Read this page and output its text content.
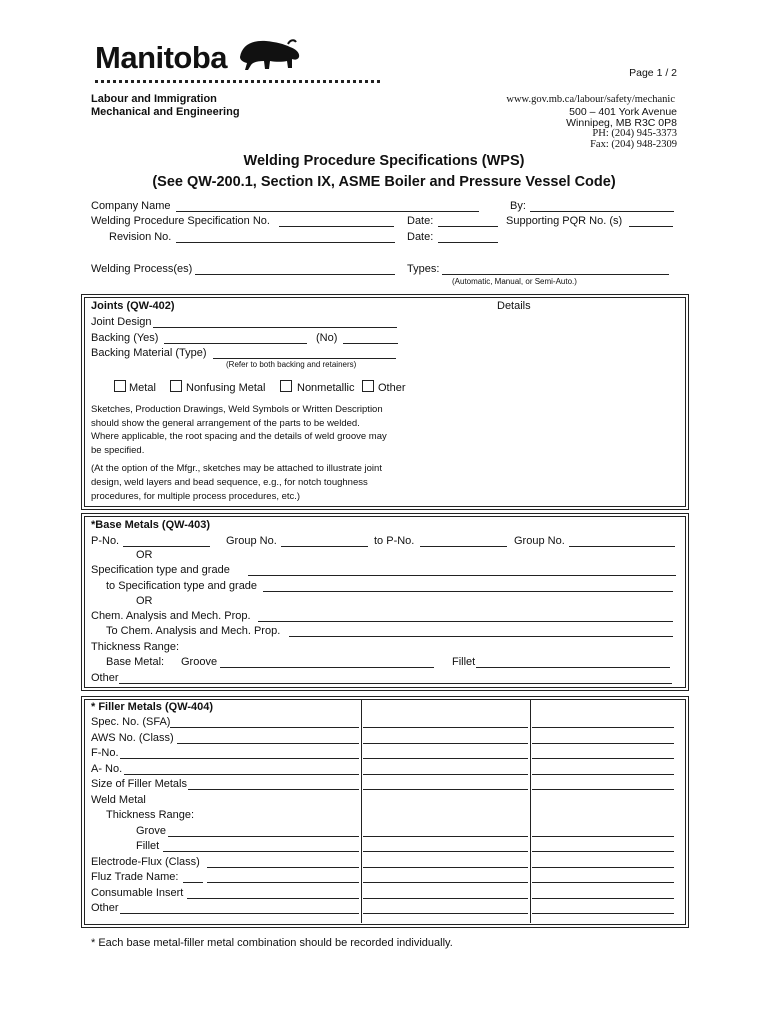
Manitoba
Labour and Immigration
Mechanical and Engineering
Page 1 / 2
www.gov.mb.ca/labour/safety/mechanic
500 – 401 York Avenue
Winnipeg, MB R3C 0P8
PH: (204) 945-3373
Fax: (204) 948-2309
Welding Procedure Specifications (WPS)
(See QW-200.1, Section IX, ASME Boiler and Pressure Vessel Code)
Company Name	By:
Welding Procedure Specification No.	Date:	Supporting PQR No. (s)
Revision No.	Date:
Welding Process(es)	Types:
(Automatic, Manual, or Semi-Auto.)
Joints (QW-402)	Details
Joint Design
Backing (Yes)	(No)
Backing Material (Type)
(Refer to both backing and retainers)
Metal	Nonfusing Metal	Nonmetallic Other
Sketches, Production Drawings, Weld Symbols or Written Description
should show the general arrangement of the parts to be welded.
Where applicable, the root spacing and the details of weld groove may
be specified.
(At the option of the Mfgr., sketches may be attached to illustrate joint
design, weld layers and bead sequence, e.g., for notch toughness
procedures, for multiple process procedures, etc.)
*Base Metals (QW-403)
P-No.	Group No.	to P-No.	Group No.
OR
Specification type and grade
to Specification type and grade
OR
Chem. Analysis and Mech. Prop.
To Chem. Analysis and Mech. Prop.
Thickness Range:
Base Metal: Groove	Fillet
Other
* Filler Metals (QW-404)
Spec. No. (SFA)
AWS No. (Class)
F-No.
A- No.
Size of Filler Metals
Weld Metal
Thickness Range:
Grove
Fillet
Electrode-Flux (Class)
Fluz Trade Name:
Consumable Insert
Other
* Each base metal-filler metal combination should be recorded individually.
